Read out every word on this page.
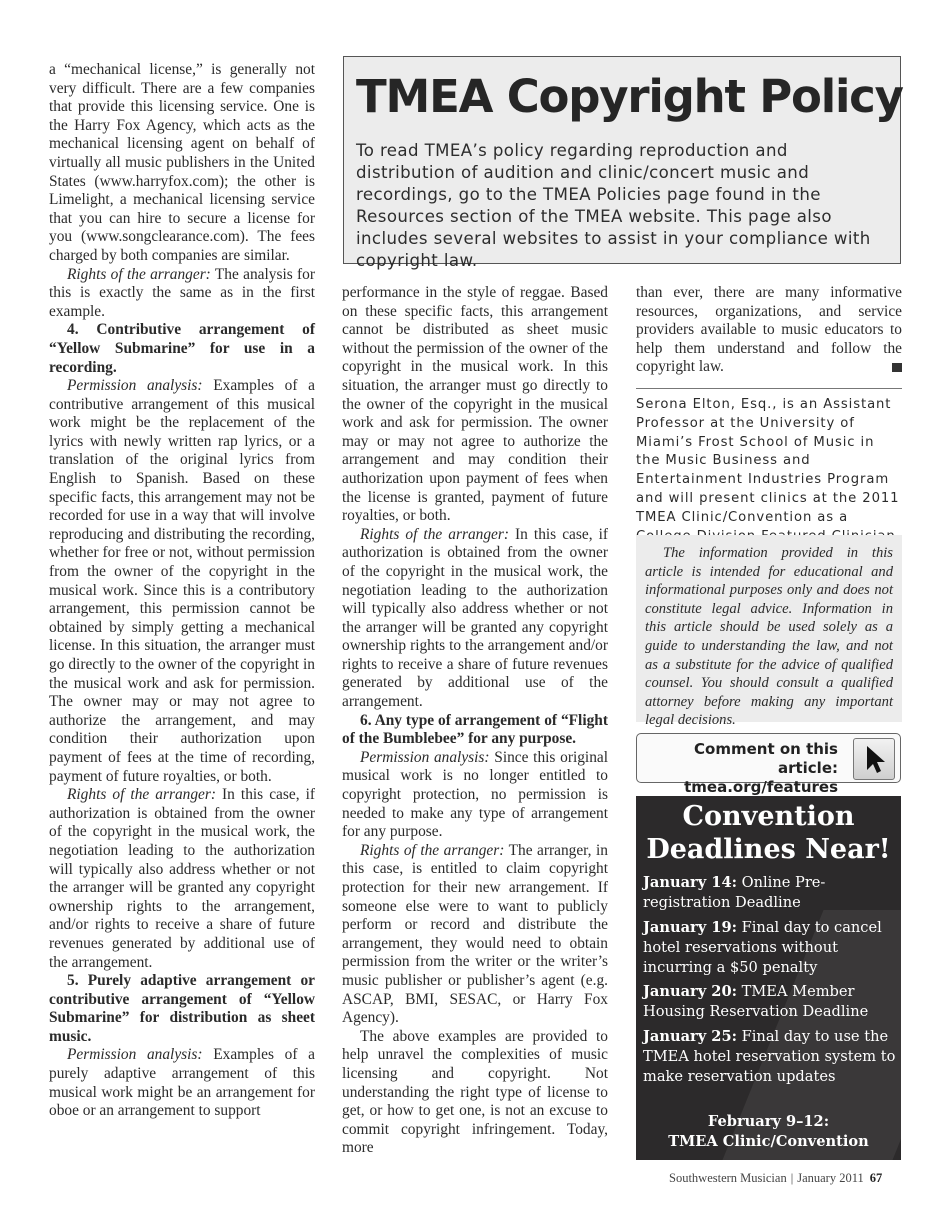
a “mechanical license,” is generally not very difficult. There are a few companies that provide this licensing service. One is the Harry Fox Agency, which acts as the mechanical licensing agent on behalf of virtually all music publishers in the United States (www.harryfox.com); the other is Limelight, a mechanical licensing service that you can hire to secure a license for you (www.songclearance.com). The fees charged by both companies are similar.

Rights of the arranger: The analysis for this is exactly the same as in the first example.

4. Contributive arrangement of “Yellow Submarine” for use in a recording.

Permission analysis: Examples of a contributive arrangement of this musical work might be the replacement of the lyrics with newly written rap lyrics, or a translation of the original lyrics from English to Spanish. Based on these specific facts, this arrangement may not be recorded for use in a way that will involve reproducing and distributing the recording, whether for free or not, without permission from the owner of the copyright in the musical work. Since this is a contributory arrangement, this permission cannot be obtained by simply getting a mechanical license. In this situation, the arranger must go directly to the owner of the copyright in the musical work and ask for permission. The owner may or may not agree to authorize the arrangement, and may condition their authorization upon payment of fees at the time of recording, payment of future royalties, or both.

Rights of the arranger: In this case, if authorization is obtained from the owner of the copyright in the musical work, the negotiation leading to the authorization will typically also address whether or not the arranger will be granted any copyright ownership rights to the arrangement, and/or rights to receive a share of future revenues generated by additional use of the arrangement.

5. Purely adaptive arrangement or contributive arrangement of “Yellow Submarine” for distribution as sheet music.

Permission analysis: Examples of a purely adaptive arrangement of this musical work might be an arrangement for oboe or an arrangement to support

TMEA Copyright Policy
To read TMEA’s policy regarding reproduction and distribution of audition and clinic/concert music and recordings, go to the TMEA Policies page found in the Resources section of the TMEA website. This page also includes several websites to assist in your compliance with copyright law.

performance in the style of reggae. Based on these specific facts, this arrangement cannot be distributed as sheet music without the permission of the owner of the copyright in the musical work. In this situation, the arranger must go directly to the owner of the copyright in the musical work and ask for permission. The owner may or may not agree to authorize the arrangement and may condition their authorization upon payment of fees when the license is granted, payment of future royalties, or both.

Rights of the arranger: In this case, if authorization is obtained from the owner of the copyright in the musical work, the negotiation leading to the authorization will typically also address whether or not the arranger will be granted any copyright ownership rights to the arrangement and/or rights to receive a share of future revenues generated by additional use of the arrangement.

6. Any type of arrangement of “Flight of the Bumblebee” for any purpose.

Permission analysis: Since this original musical work is no longer entitled to copyright protection, no permission is needed to make any type of arrangement for any purpose.

Rights of the arranger: The arranger, in this case, is entitled to claim copyright protection for their new arrangement. If someone else were to want to publicly perform or record and distribute the arrangement, they would need to obtain permission from the writer or the writer’s music publisher or publisher’s agent (e.g. ASCAP, BMI, SESAC, or Harry Fox Agency).

The above examples are provided to help unravel the complexities of music licensing and copyright. Not understanding the right type of license to get, or how to get one, is not an excuse to commit copyright infringement. Today, more

than ever, there are many informative resources, organizations, and service providers available to music educators to help them understand and follow the copyright law.

Serona Elton, Esq., is an Assistant Professor at the University of Miami’s Frost School of Music in the Music Business and Entertainment Industries Program and will present clinics at the 2011 TMEA Clinic/Convention as a
The information provided in this article is intended for educational and informational purposes only and does not constitute legal advice. Information in this article should be used solely as a guide to understanding the law, and not as a substitute for the advice of qualified counsel. You should consult a qualified attorney before making any important legal decisions.
Comment on this article:
tmea.org/features
Convention
Deadlines Near!
January 14: Online Pre-registration Deadline
January 19: Final day to cancel hotel reservations without incurring a $50 penalty
January 20: TMEA Member Housing Reservation Deadline
January 25: Final day to use the TMEA hotel reservation system to make reservation updates
February 9–12:
TMEA Clinic/Convention
Southwestern Musician | January 2011 67
